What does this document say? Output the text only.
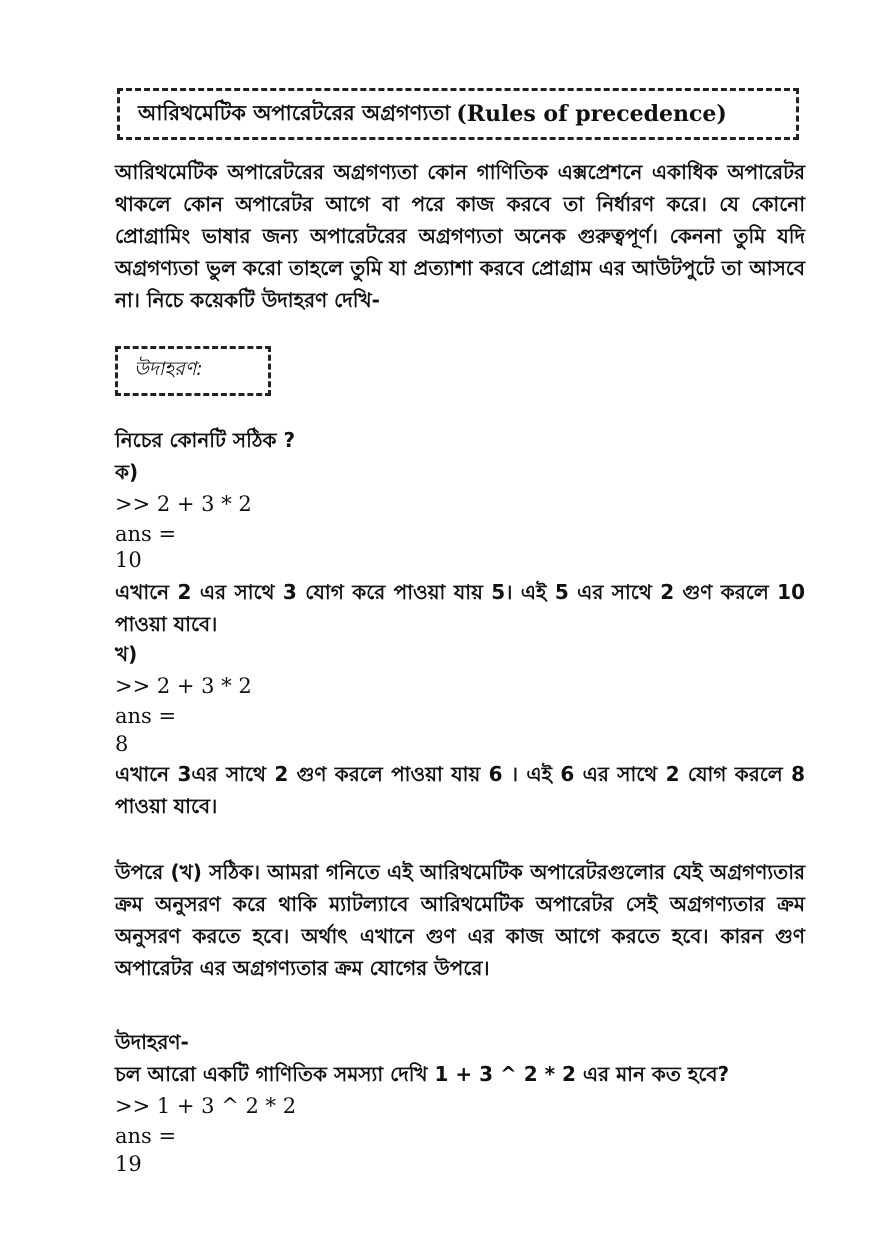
আরিথমেটিক অপারেটরের অগ্রগণ্যতা (Rules of precedence)

আরিথমেটিক অপারেটরের অগ্রগণ্যতা কোন গাণিতিক এক্সপ্রেশনে একাধিক অপারেটর থাকলে কোন অপারেটর আগে বা পরে কাজ করবে তা নির্ধারণ করে। যে কোনো প্রোগ্রামিং ভাষার জন্য অপারেটরের অগ্রগণ্যতা অনেক গুরুত্বপূর্ণ। কেননা তুমি যদি অগ্রগণ্যতা ভুল করো তাহলে তুমি যা প্রত্যাশা করবে প্রোগ্রাম এর আউটপুটে তা আসবে না। নিচে কয়েকটি উদাহরণ দেখি-

উদাহরণ:

নিচের কোনটি সঠিক ?

ক)

>> 2 + 3 * 2

ans =

10

এখানে 2 এর সাথে 3 যোগ করে পাওয়া যায় 5। এই 5 এর সাথে 2 গুণ করলে 10 পাওয়া যাবে।

খ)

>> 2 + 3 * 2

ans =

8

এখানে 3এর সাথে 2 গুণ করলে পাওয়া যায় 6 । এই 6 এর সাথে 2 যোগ করলে 8 পাওয়া যাবে।

উপরে (খ) সঠিক। আমরা গনিতে এই আরিথমেটিক অপারেটরগুলোর যেই অগ্রগণ্যতার ক্রম অনুসরণ করে থাকি ম্যাটল্যাবে আরিথমেটিক অপারেটর সেই অগ্রগণ্যতার ক্রম অনুসরণ করতে হবে। অর্থাৎ এখানে গুণ এর কাজ আগে করতে হবে। কারন গুণ অপারেটর এর অগ্রগণ্যতার ক্রম যোগের উপরে।

উদাহরণ-

চল আরো একটি গাণিতিক সমস্যা দেখি 1 + 3 ^ 2 * 2 এর মান কত হবে?

>> 1 + 3 ^ 2 * 2

ans =

19
